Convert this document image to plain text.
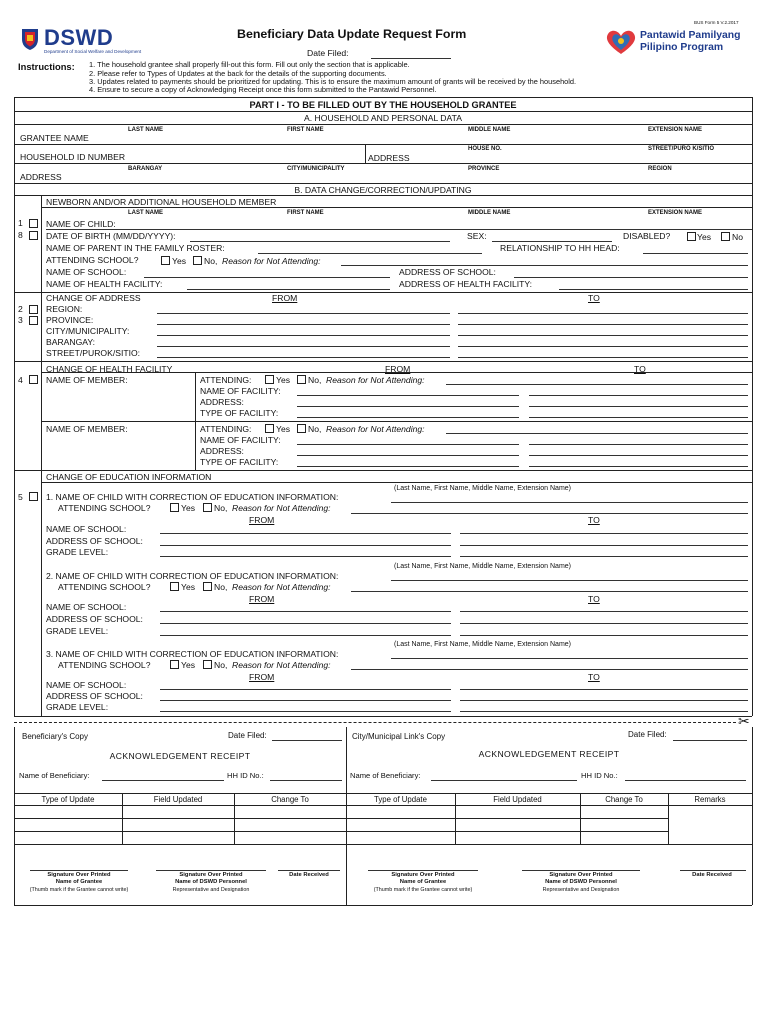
DSWD
Department of Social Welfare and Development
Beneficiary Data Update Request Form
BUS Form 5 V.2.2017
Date Filed:
Pantawid Pamilyang
Pilipino Program
Instructions: 1. The household grantee shall properly fill-out this form. Fill out only the section that is applicable.
2. Please refer to Types of Updates at the back for the details of the supporting documents.
3. Updates related to payments should be prioritized for updating. This is to ensure the maximum amount of grants will be received by the household.
4. Ensure to secure a copy of Acknowledging Receipt once this form submitted to the Pantawid Personnel.
PART I - TO BE FILLED OUT BY THE HOUSEHOLD GRANTEE
A. HOUSEHOLD AND PERSONAL DATA
LAST NAME	FIRST NAME	MIDDLE NAME	EXTENSION NAME
GRANTEE NAME
HOUSE NO.	STREET/PURO K/SITIO
HOUSEHOLD ID NUMBER	ADDRESS
BARANGAY	CITY/MUNICIPALITY	PROVINCE	REGION
ADDRESS
B. DATA CHANGE/CORRECTION/UPDATING
NEWBORN AND/OR ADDITIONAL HOUSEHOLD MEMBER
LAST NAME	FIRST NAME	MIDDLE NAME	EXTENSION NAME
1
8
NAME OF CHILD:
DATE OF BIRTH (MM/DD/YYYY):	SEX:	DISABLED?	Yes No
NAME OF PARENT IN THE FAMILY ROSTER:	RELATIONSHIP TO HH HEAD:
ATTENDING SCHOOL?	Yes No, Reason for Not Attending:
NAME OF SCHOOL:	ADDRESS OF SCHOOL:
NAME OF HEALTH FACILITY:	ADDRESS OF HEALTH FACILITY:
CHANGE OF ADDRESS	FROM	TO
2
3
REGION:
PROVINCE:
CITY/MUNICIPALITY:
BARANGAY:
STREET/PUROK/SITIO:
CHANGE OF HEALTH FACILITY	FROM	TO
4	NAME OF MEMBER:	ATTENDING:	Yes No, Reason for Not Attending:
NAME OF FACILITY:
ADDRESS:
TYPE OF FACILITY:
NAME OF MEMBER:	ATTENDING:	Yes No, Reason for Not Attending:
NAME OF FACILITY:
ADDRESS:
TYPE OF FACILITY:
CHANGE OF EDUCATION INFORMATION
5
(Last Name, First Name, Middle Name, Extension Name)
1. NAME OF CHILD WITH CORRECTION OF EDUCATION INFORMATION:
ATTENDING SCHOOL?	Yes No, Reason for Not Attending:
FROM	TO
NAME OF SCHOOL:
ADDRESS OF SCHOOL:
GRADE LEVEL:
(Last Name, First Name, Middle Name, Extension Name)
2. NAME OF CHILD WITH CORRECTION OF EDUCATION INFORMATION:
ATTENDING SCHOOL?	Yes No, Reason for Not Attending:
FROM	TO
NAME OF SCHOOL:
ADDRESS OF SCHOOL:
GRADE LEVEL:
(Last Name, First Name, Middle Name, Extension Name)
3. NAME OF CHILD WITH CORRECTION OF EDUCATION INFORMATION:
ATTENDING SCHOOL?	Yes No, Reason for Not Attending:
FROM	TO
NAME OF SCHOOL:
ADDRESS OF SCHOOL:
GRADE LEVEL:
✂
Beneficiary's Copy	Date Filed:
ACKNOWLEDGEMENT RECEIPT
Name of Beneficiary:	HH ID No.:
Type of Update	Field Updated	Change To
Signature Over Printed
Name of Grantee
(Thumb mark if the Grantee cannot write)
Signature Over Printed
Name of DSWD Personnel
Representative and Designation
Date Received
City/Municipal Link's Copy	Date Filed:
ACKNOWLEDGEMENT RECEIPT
Name of Beneficiary:	HH ID No.:
Type of Update	Field Updated	Change To	Remarks
Signature Over Printed
Name of Grantee
(Thumb mark if the Grantee cannot write)
Signature Over Printed
Name of DSWD Personnel
Representative and Designation
Date Received
